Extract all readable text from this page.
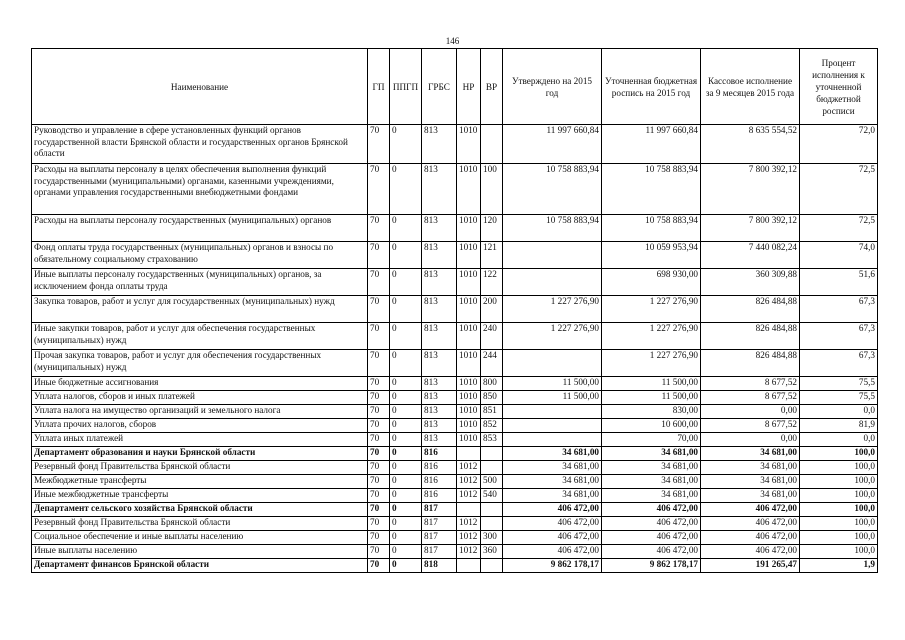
146
Наименование	ГП	ППГП	ГРБС	НР	ВР	Утверждено на 2015 год	Уточненная бюджетная роспись на 2015 год	Кассовое исполнение за 9 месяцев 2015 года	Процент исполнения к уточненной бюджетной росписи
Руководство и управление в сфере установленных функций органов государственной власти Брянской области и государственных органов Брянской области	70	0	813	1010		11 997 660,84	11 997 660,84	8 635 554,52	72,0
Расходы на выплаты персоналу в целях обеспечения выполнения функций государственными (муниципальными) органами, казенными учреждениями, органами управления государственными внебюджетными фондами	70	0	813	1010	100	10 758 883,94	10 758 883,94	7 800 392,12	72,5
Расходы на выплаты персоналу государственных (муниципальных) органов	70	0	813	1010	120	10 758 883,94	10 758 883,94	7 800 392,12	72,5
Фонд оплаты труда государственных (муниципальных) органов и взносы по обязательному социальному страхованию	70	0	813	1010	121		10 059 953,94	7 440 082,24	74,0
Иные выплаты персоналу государственных (муниципальных) органов, за исключением фонда оплаты труда	70	0	813	1010	122		698 930,00	360 309,88	51,6
Закупка товаров, работ и услуг для государственных (муниципальных) нужд	70	0	813	1010	200	1 227 276,90	1 227 276,90	826 484,88	67,3
Иные закупки товаров, работ и услуг для обеспечения государственных (муниципальных) нужд	70	0	813	1010	240	1 227 276,90	1 227 276,90	826 484,88	67,3
Прочая закупка товаров, работ и услуг для обеспечения государственных (муниципальных) нужд	70	0	813	1010	244		1 227 276,90	826 484,88	67,3
Иные бюджетные ассигнования	70	0	813	1010	800	11 500,00	11 500,00	8 677,52	75,5
Уплата налогов, сборов и иных платежей	70	0	813	1010	850	11 500,00	11 500,00	8 677,52	75,5
Уплата налога на имущество организаций и земельного налога	70	0	813	1010	851		830,00	0,00	0,0
Уплата прочих налогов, сборов	70	0	813	1010	852		10 600,00	8 677,52	81,9
Уплата иных платежей	70	0	813	1010	853		70,00	0,00	0,0
Департамент образования и науки Брянской области	70	0	816			34 681,00	34 681,00	34 681,00	100,0
Резервный фонд Правительства Брянской области	70	0	816	1012		34 681,00	34 681,00	34 681,00	100,0
Межбюджетные трансферты	70	0	816	1012	500	34 681,00	34 681,00	34 681,00	100,0
Иные межбюджетные трансферты	70	0	816	1012	540	34 681,00	34 681,00	34 681,00	100,0
Департамент сельского хозяйства Брянской области	70	0	817			406 472,00	406 472,00	406 472,00	100,0
Резервный фонд Правительства Брянской области	70	0	817	1012		406 472,00	406 472,00	406 472,00	100,0
Социальное обеспечение и иные выплаты населению	70	0	817	1012	300	406 472,00	406 472,00	406 472,00	100,0
Иные выплаты населению	70	0	817	1012	360	406 472,00	406 472,00	406 472,00	100,0
Департамент финансов Брянской области	70	0	818			9 862 178,17	9 862 178,17	191 265,47	1,9
